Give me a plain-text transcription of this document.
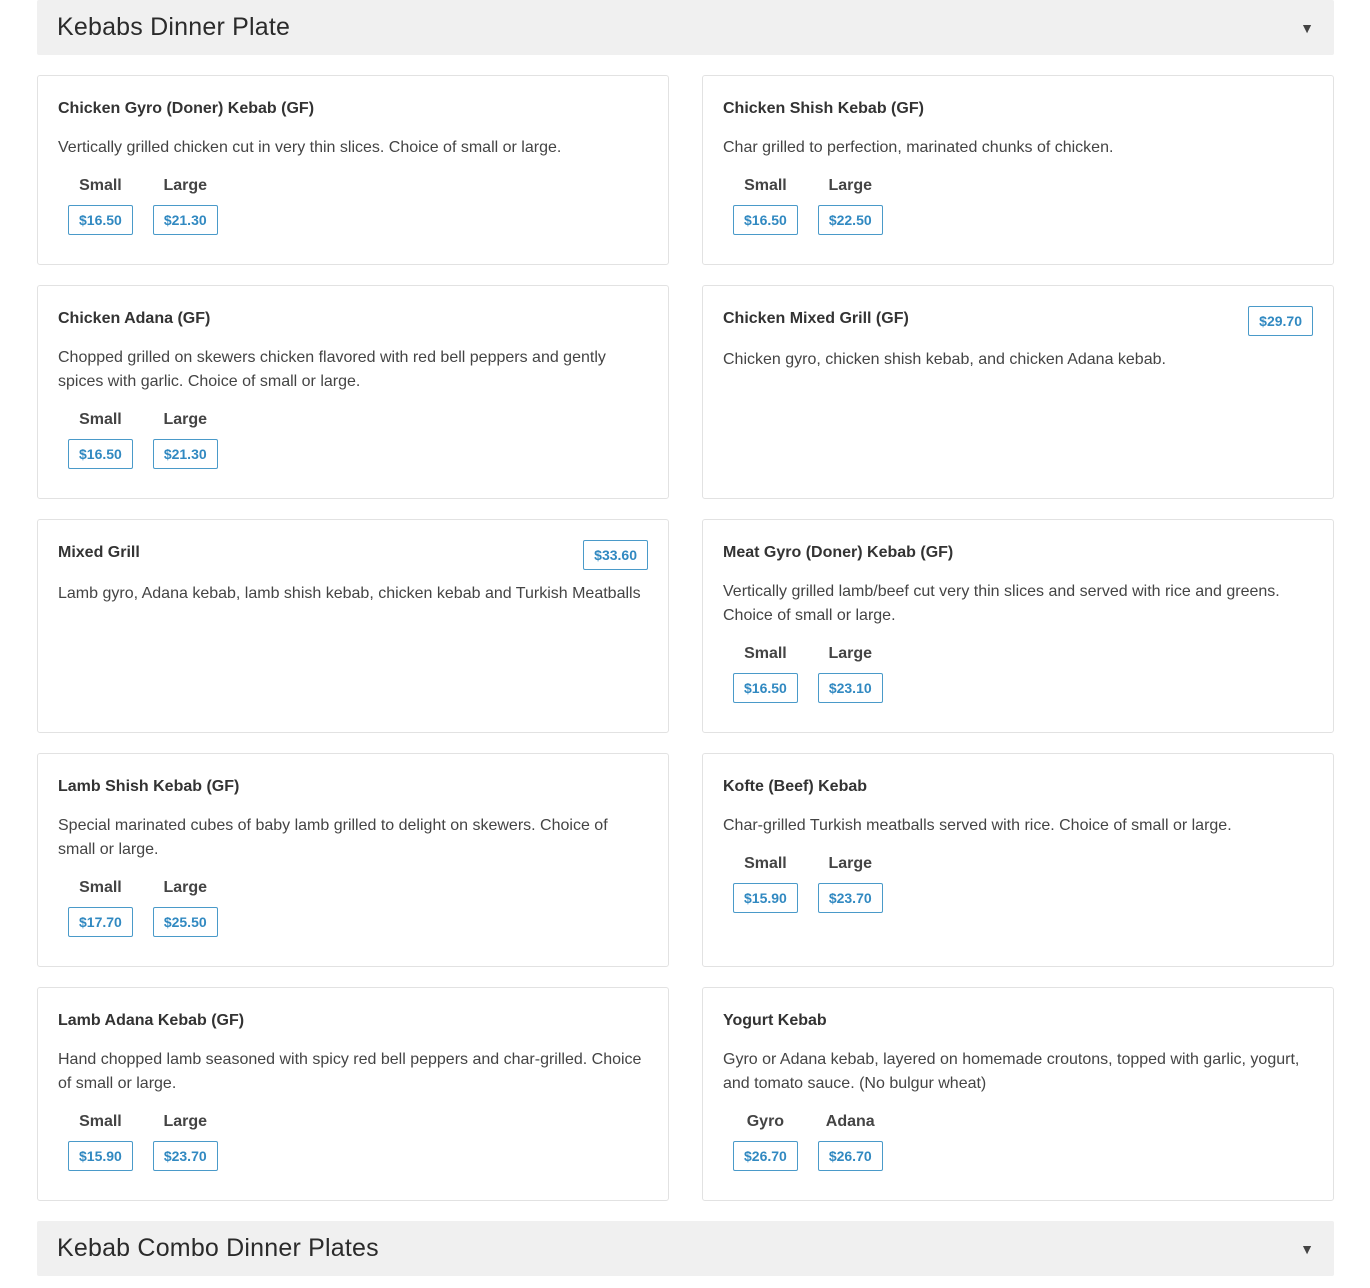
Kebabs Dinner Plate	▼
Chicken Gyro (Doner) Kebab (GF)
Vertically grilled chicken cut in very thin slices. Choice of small or large.
Small
$16.50
Large
$21.30
Chicken Shish Kebab (GF)
Char grilled to perfection, marinated chunks of chicken.
Small
$16.50
Large
$22.50
Chicken Adana (GF)
Chopped grilled on skewers chicken flavored with red bell peppers and gently spices with garlic. Choice of small or large.
Small
$16.50
Large
$21.30
Chicken Mixed Grill (GF)	$29.70
Chicken gyro, chicken shish kebab, and chicken Adana kebab.
Mixed Grill	$33.60
Lamb gyro, Adana kebab, lamb shish kebab, chicken kebab and Turkish Meatballs
Meat Gyro (Doner) Kebab (GF)
Vertically grilled lamb/beef cut very thin slices and served with rice and greens. Choice of small or large.
Small
$16.50
Large
$23.10
Lamb Shish Kebab (GF)
Special marinated cubes of baby lamb grilled to delight on skewers. Choice of small or large.
Small
$17.70
Large
$25.50
Kofte (Beef) Kebab
Char-grilled Turkish meatballs served with rice. Choice of small or large.
Small
$15.90
Large
$23.70
Lamb Adana Kebab (GF)
Hand chopped lamb seasoned with spicy red bell peppers and char-grilled. Choice of small or large.
Small
$15.90
Large
$23.70
Yogurt Kebab
Gyro or Adana kebab, layered on homemade croutons, topped with garlic, yogurt, and tomato sauce. (No bulgur wheat)
Gyro
$26.70
Adana
$26.70
Kebab Combo Dinner Plates	▼
